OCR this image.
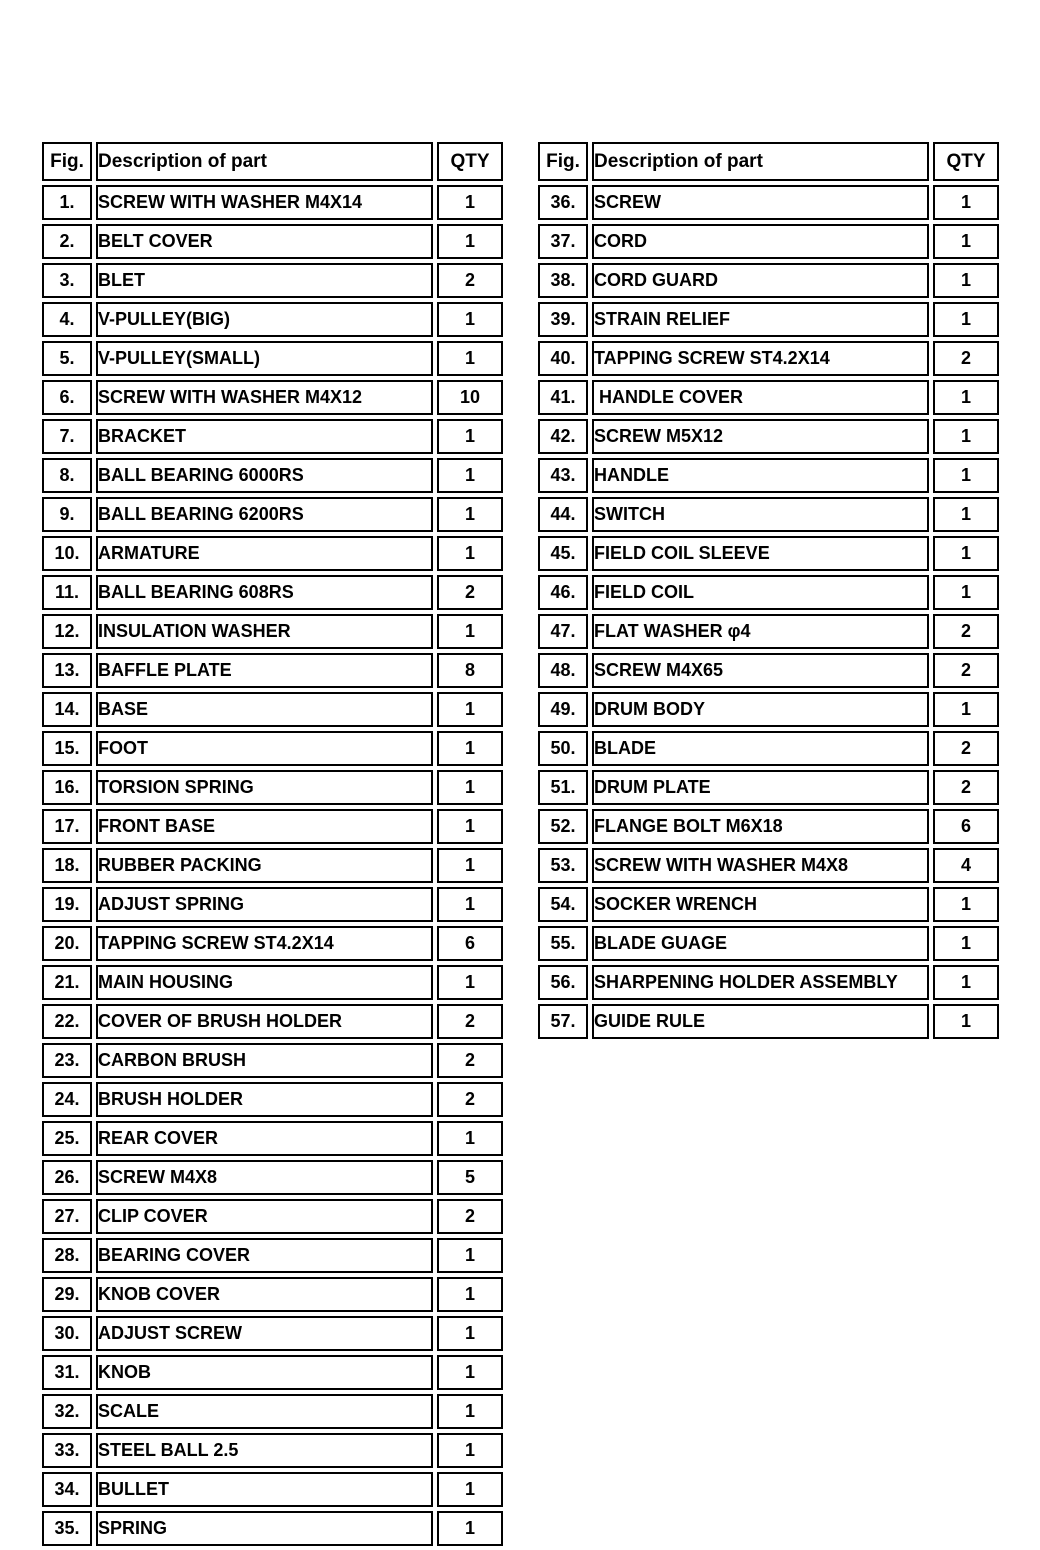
Fig.	Description of part	QTY
1.	SCREW WITH WASHER M4X14	1
2.	BELT COVER	1
3.	BLET	2
4.	V-PULLEY(BIG)	1
5.	V-PULLEY(SMALL)	1
6.	SCREW WITH WASHER M4X12	10
7.	BRACKET	1
8.	BALL BEARING 6000RS	1
9.	BALL BEARING 6200RS	1
10.	ARMATURE	1
11.	BALL BEARING 608RS	2
12.	INSULATION WASHER	1
13.	BAFFLE PLATE	8
14.	BASE	1
15.	FOOT	1
16.	TORSION SPRING	1
17.	FRONT BASE	1
18.	RUBBER PACKING	1
19.	ADJUST SPRING	1
20.	TAPPING SCREW ST4.2X14	6
21.	MAIN HOUSING	1
22.	COVER OF BRUSH HOLDER	2
23.	CARBON BRUSH	2
24.	BRUSH HOLDER	2
25.	REAR COVER	1
26.	SCREW M4X8	5
27.	CLIP COVER	2
28.	BEARING COVER	1
29.	KNOB COVER	1
30.	ADJUST SCREW	1
31.	KNOB	1
32.	SCALE	1
33.	STEEL BALL 2.5	1
34.	BULLET	1
35.	SPRING	1
Fig.	Description of part	QTY
36.	SCREW	1
37.	CORD	1
38.	CORD GUARD	1
39.	STRAIN RELIEF	1
40.	TAPPING SCREW ST4.2X14	2
41.	HANDLE COVER	1
42.	SCREW M5X12	1
43.	HANDLE	1
44.	SWITCH	1
45.	FIELD COIL SLEEVE	1
46.	FIELD COIL	1
47.	FLAT WASHER φ4	2
48.	SCREW M4X65	2
49.	DRUM BODY	1
50.	BLADE	2
51.	DRUM PLATE	2
52.	FLANGE BOLT M6X18	6
53.	SCREW WITH WASHER M4X8	4
54.	SOCKER WRENCH	1
55.	BLADE GUAGE	1
56.	SHARPENING HOLDER ASSEMBLY	1
57.	GUIDE RULE	1
